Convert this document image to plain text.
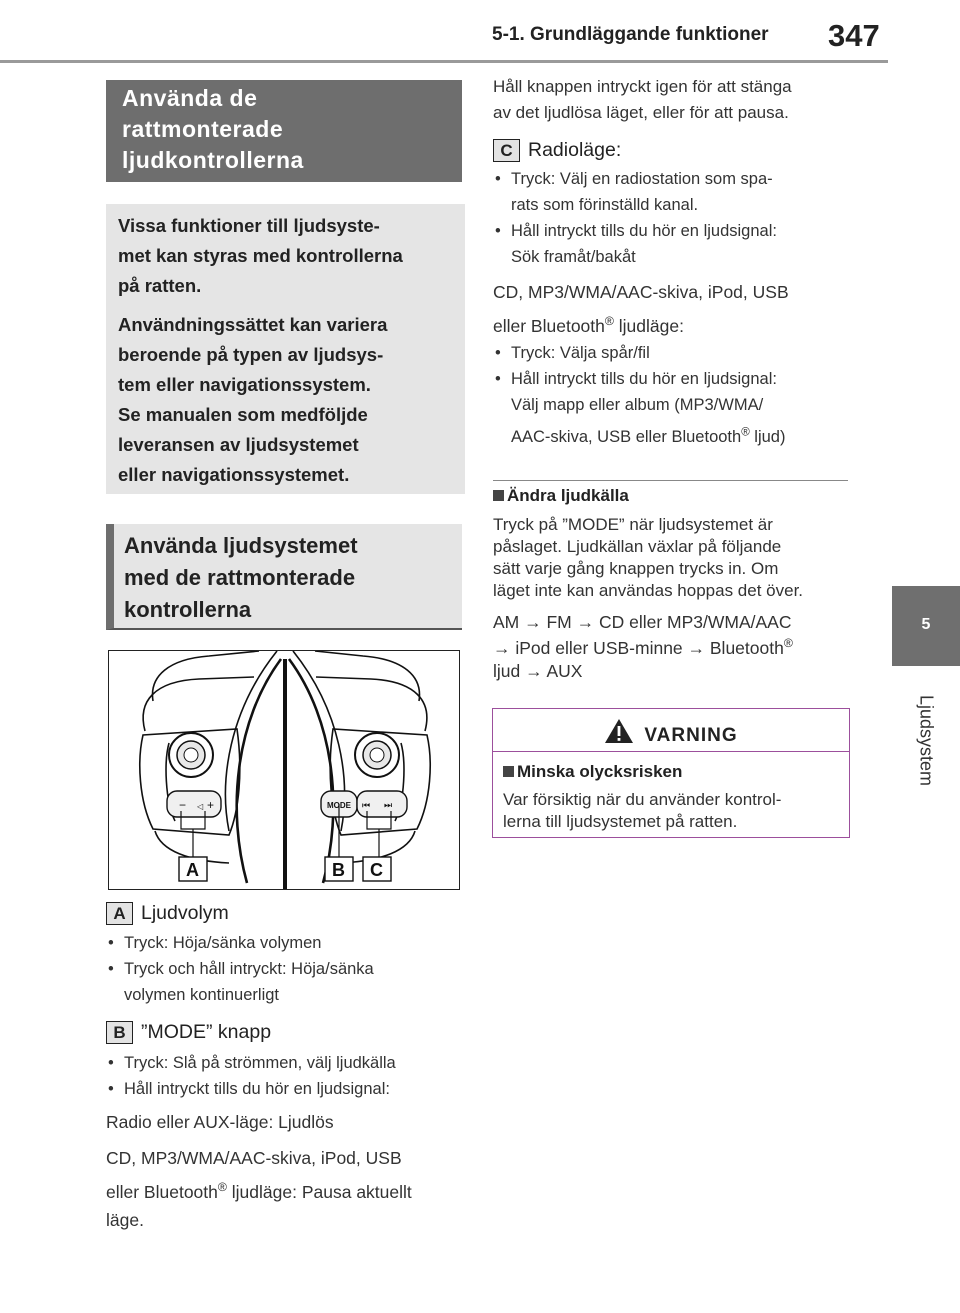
5-1. Grundläggande funktioner 347
5
Ljudsystem
Använda de
rattmonterade
ljudkontrollerna

Vissa funktioner till ljudsyste-
met kan styras med kontrollerna
på ratten.

Användningssättet kan variera
beroende på typen av ljudsys-
tem eller navigationssystem.
Se manualen som medföljde
leveransen av ljudsystemet
eller navigationssystemet.

Använda ljudsystemet
med de rattmonterade
kontrollerna
− ◁ +	MODE ⏮ ⏭
A	B C
A Ljudvolym
• Tryck: Höja/sänka volymen
• Tryck och håll intryckt: Höja/sänka
volymen kontinuerligt
B ”MODE” knapp
• Tryck: Slå på strömmen, välj ljudkälla
• Håll intryckt tills du hör en ljudsignal:
Radio eller AUX-läge: Ljudlös
CD, MP3/WMA/AAC-skiva, iPod, USB
eller Bluetooth® ljudläge: Pausa aktuellt
läge.
Håll knappen intryckt igen för att stänga
av det ljudlösa läget, eller för att pausa.
C Radioläge:
• Tryck: Välj en radiostation som spa-
rats som förinställd kanal.
• Håll intryckt tills du hör en ljudsignal:
Sök framåt/bakåt
CD, MP3/WMA/AAC-skiva, iPod, USB
eller Bluetooth® ljudläge:
• Tryck: Välja spår/fil
• Håll intryckt tills du hör en ljudsignal:
Välj mapp eller album (MP3/WMA/
AAC-skiva, USB eller Bluetooth® ljud)
Ändra ljudkälla
Tryck på ”MODE” när ljudsystemet är
påslaget. Ljudkällan växlar på följande
sätt varje gång knappen trycks in. Om
läget inte kan användas hoppas det över.
AM → FM → CD eller MP3/WMA/AAC
→ iPod eller USB-minne → Bluetooth®
ljud → AUX
VARNING
Minska olycksrisken
Var försiktig när du använder kontrol-
lerna till ljudsystemet på ratten.
